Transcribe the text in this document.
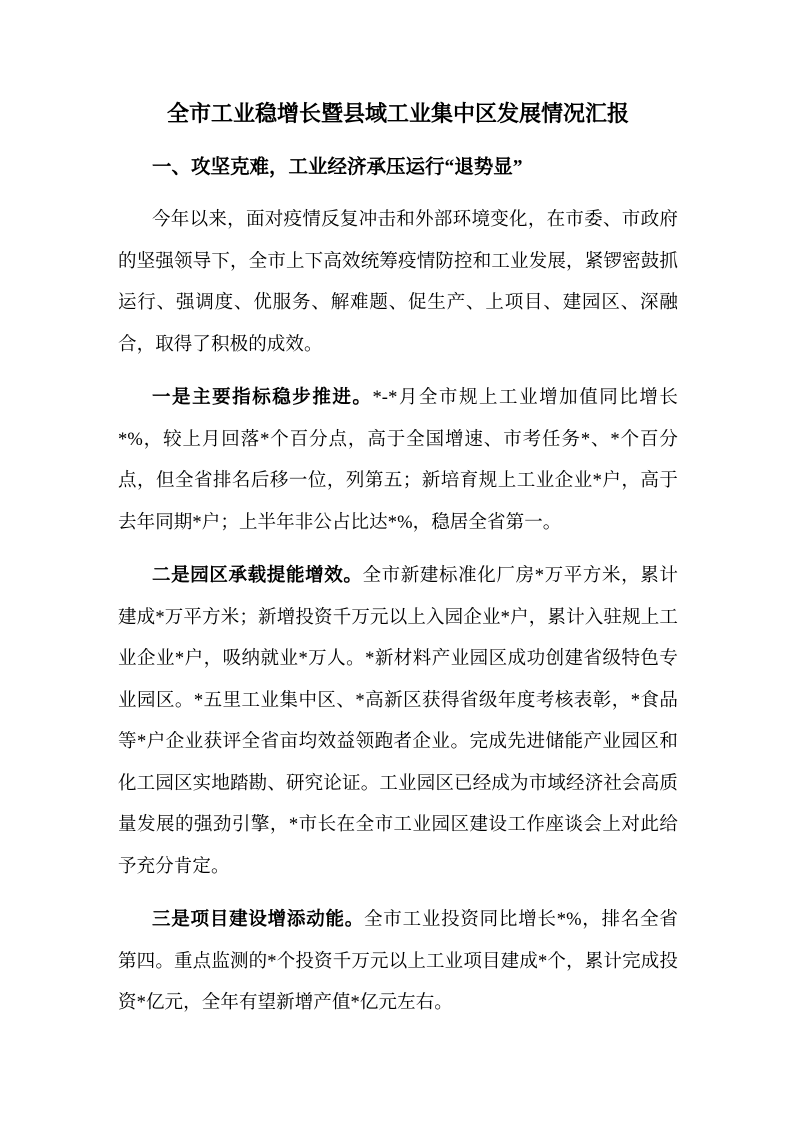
全市工业稳增长暨县域工业集中区发展情况汇报
一、攻坚克难，工业经济承压运行“退势显”

今年以来，面对疫情反复冲击和外部环境变化，在市委、市政府的坚强领导下，全市上下高效统筹疫情防控和工业发展，紧锣密鼓抓运行、强调度、优服务、解难题、促生产、上项目、建园区、深融合，取得了积极的成效。

一是主要指标稳步推进。*-*月全市规上工业增加值同比增长*%，较上月回落*个百分点，高于全国增速、市考任务*、*个百分点，但全省排名后移一位，列第五；新培育规上工业企业*户，高于去年同期*户；上半年非公占比达*%，稳居全省第一。

二是园区承载提能增效。全市新建标准化厂房*万平方米，累计建成*万平方米；新增投资千万元以上入园企业*户，累计入驻规上工业企业*户，吸纳就业*万人。*新材料产业园区成功创建省级特色专业园区。*五里工业集中区、*高新区获得省级年度考核表彰，*食品等*户企业获评全省亩均效益领跑者企业。完成先进储能产业园区和化工园区实地踏勘、研究论证。工业园区已经成为市域经济社会高质量发展的强劲引擎，*市长在全市工业园区建设工作座谈会上对此给予充分肯定。

三是项目建设增添动能。全市工业投资同比增长*%，排名全省第四。重点监测的*个投资千万元以上工业项目建成*个，累计完成投资*亿元，全年有望新增产值*亿元左右。
